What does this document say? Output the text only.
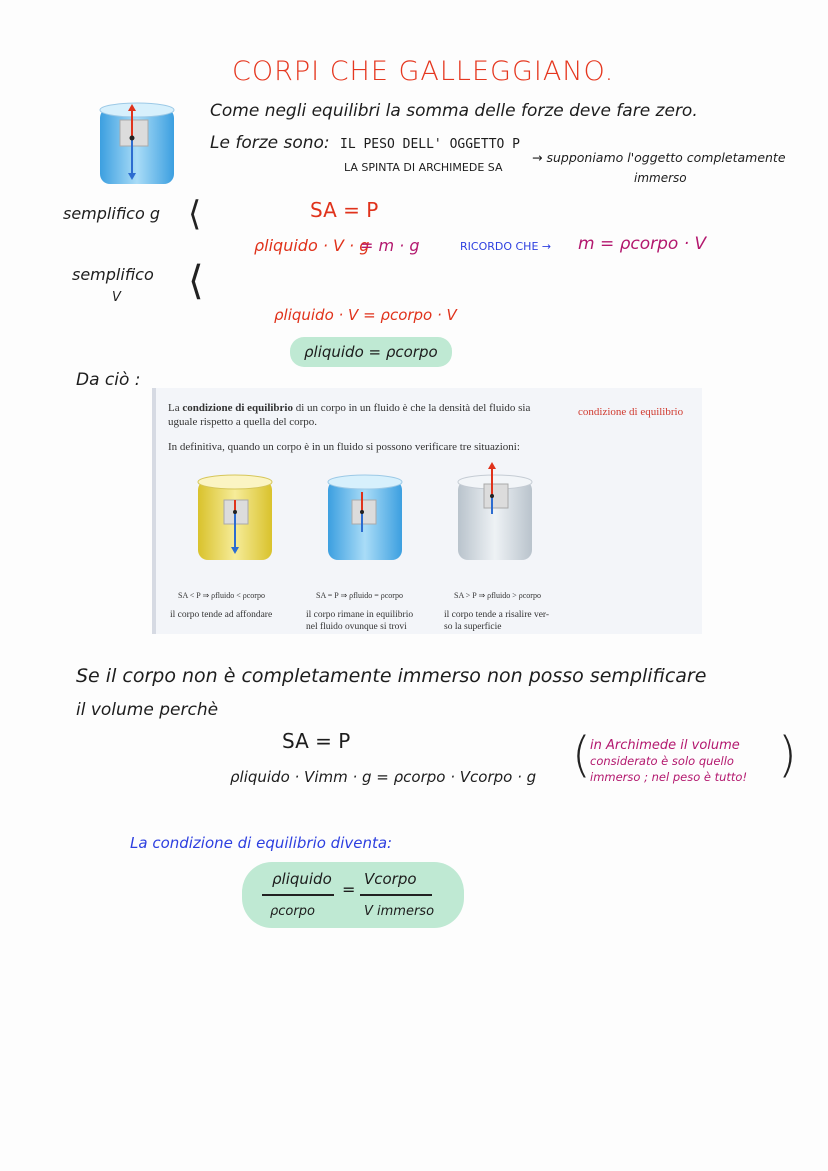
CORPI CHE GALLEGGIANO.
Come negli equilibri la somma delle forze deve fare zero.
Le forze sono: IL PESO DELL' OGGETTO P
LA SPINTA DI ARCHIMEDE SA
→ supponiamo l'oggetto completamente
immerso
semplifico g ⟨
semplifico
V ⟨
SA = P
ρliquido · V · g
= m · g	RICORDO CHE → m = ρcorpo · V
ρliquido · V = ρcorpo · V
ρliquido = ρcorpo
Da ciò :
La condizione di equilibrio di un corpo in un fluido è che la densità del fluido sia
uguale rispetto a quella del corpo.
In definitiva, quando un corpo è in un fluido si possono verificare tre situazioni:
SA < P ⇒ ρfluido < ρcorpo
il corpo tende ad affondare
SA = P ⇒ ρfluido = ρcorpo
il corpo rimane in equilibrio
nel fluido ovunque si trovi
SA > P ⇒ ρfluido > ρcorpo
il corpo tende a risalire ver-
so la superficie
condizione di equilibrio
Se il corpo non è completamente immerso non posso semplificare
il volume perchè
SA = P
ρliquido · Vimm · g = ρcorpo · Vcorpo · g ( in Archimede il volume
considerato è solo quello
immerso ; nel peso è tutto! )
La condizione di equilibrio diventa:
ρliquido
ρcorpo
=
Vcorpo
V immerso
